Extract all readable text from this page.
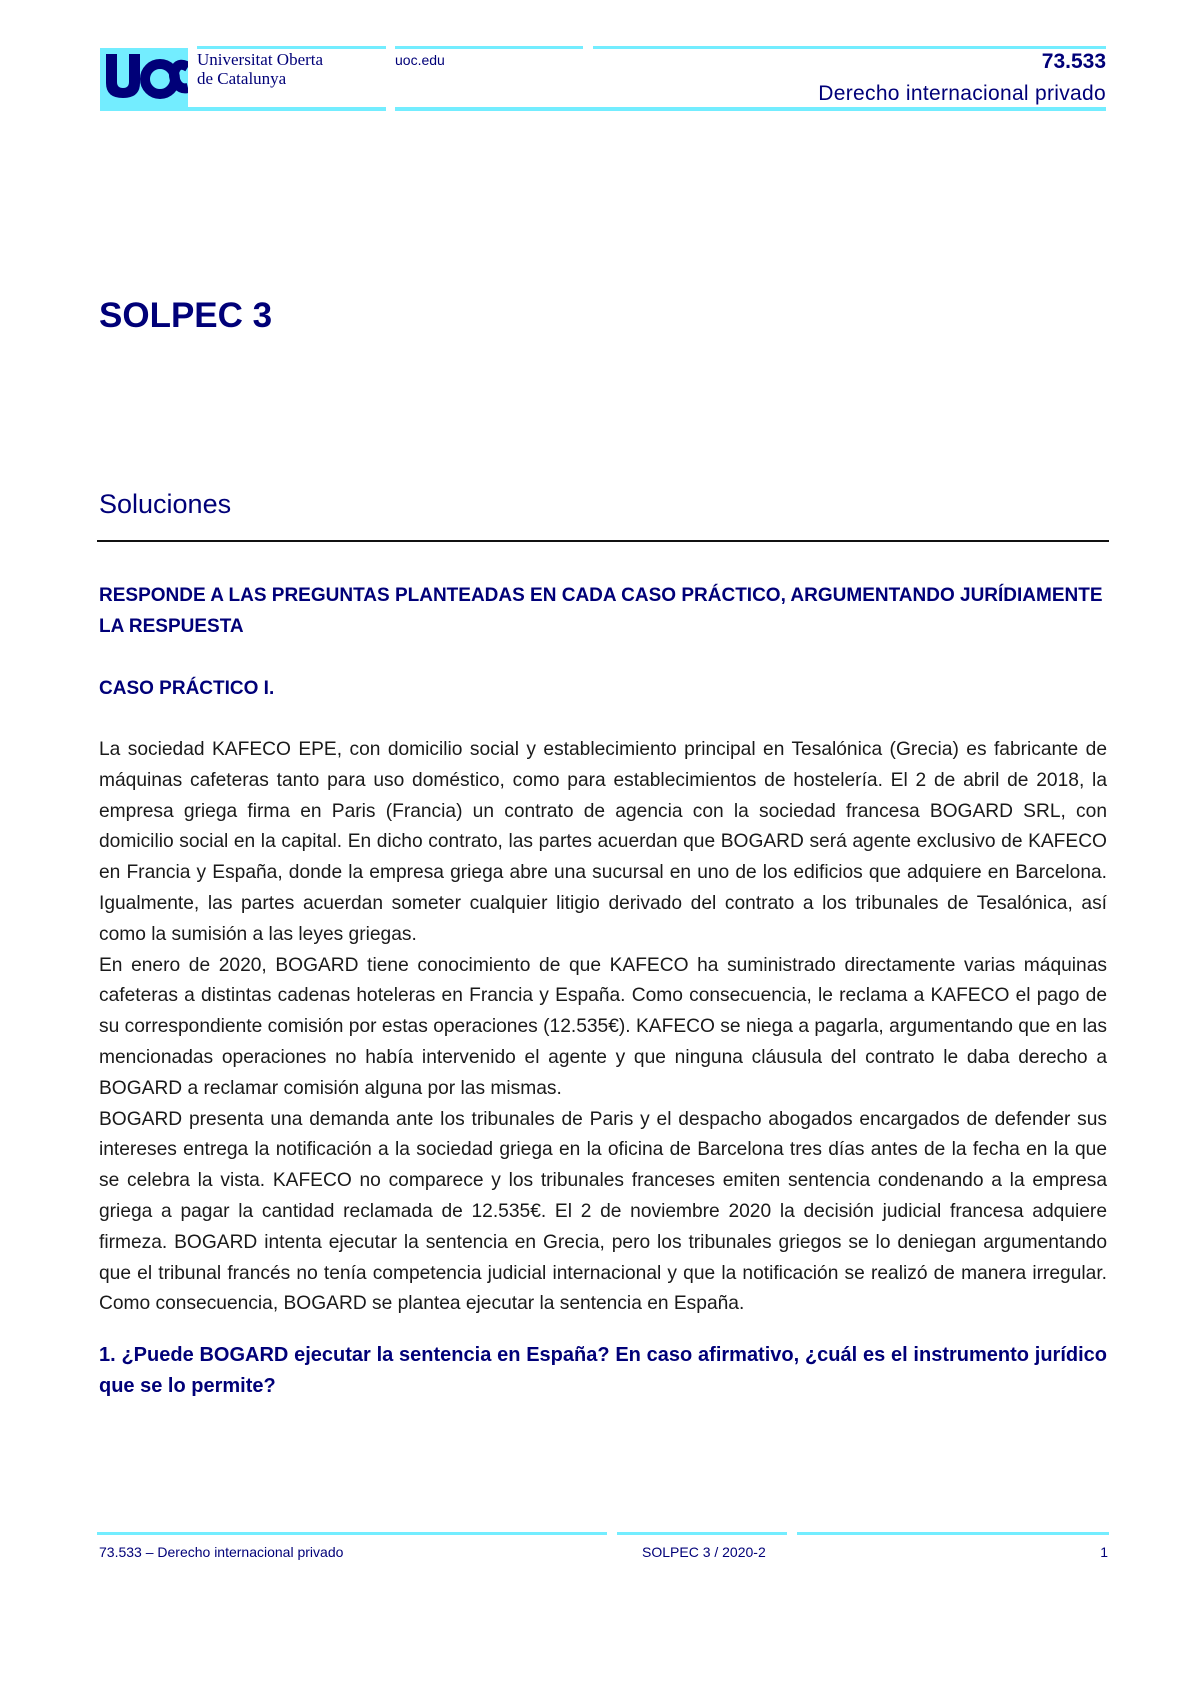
Universitat Oberta
de Catalunya
uoc.edu	73.533
Derecho internacional privado
SOLPEC 3
Soluciones
RESPONDE A LAS PREGUNTAS PLANTEADAS EN CADA CASO PRÁCTICO, ARGUMENTANDO JURÍDIAMENTE LA RESPUESTA
CASO PRÁCTICO I.

La sociedad KAFECO EPE, con domicilio social y establecimiento principal en Tesalónica (Grecia) es fabricante de máquinas cafeteras tanto para uso doméstico, como para establecimientos de hostelería. El 2 de abril de 2018, la empresa griega firma en Paris (Francia) un contrato de agencia con la sociedad francesa BOGARD SRL, con domicilio social en la capital. En dicho contrato, las partes acuerdan que BOGARD será agente exclusivo de KAFECO en Francia y España, donde la empresa griega abre una sucursal en uno de los edificios que adquiere en Barcelona. Igualmente, las partes acuerdan someter cualquier litigio derivado del contrato a los tribunales de Tesalónica, así como la sumisión a las leyes griegas.

En enero de 2020, BOGARD tiene conocimiento de que KAFECO ha suministrado directamente varias máquinas cafeteras a distintas cadenas hoteleras en Francia y España. Como consecuencia, le reclama a KAFECO el pago de su correspondiente comisión por estas operaciones (12.535€). KAFECO se niega a pagarla, argumentando que en las mencionadas operaciones no había intervenido el agente y que ninguna cláusula del contrato le daba derecho a BOGARD a reclamar comisión alguna por las mismas.

BOGARD presenta una demanda ante los tribunales de Paris y el despacho abogados encargados de defender sus intereses entrega la notificación a la sociedad griega en la oficina de Barcelona tres días antes de la fecha en la que se celebra la vista. KAFECO no comparece y los tribunales franceses emiten sentencia condenando a la empresa griega a pagar la cantidad reclamada de 12.535€. El 2 de noviembre 2020 la decisión judicial francesa adquiere firmeza. BOGARD intenta ejecutar la sentencia en Grecia, pero los tribunales griegos se lo deniegan argumentando que el tribunal francés no tenía competencia judicial internacional y que la notificación se realizó de manera irregular. Como consecuencia, BOGARD se plantea ejecutar la sentencia en España.

1. ¿Puede BOGARD ejecutar la sentencia en España? En caso afirmativo, ¿cuál es el instrumento jurídico que se lo permite?
73.533 – Derecho internacional privado	SOLPEC 3 / 2020-2	1
